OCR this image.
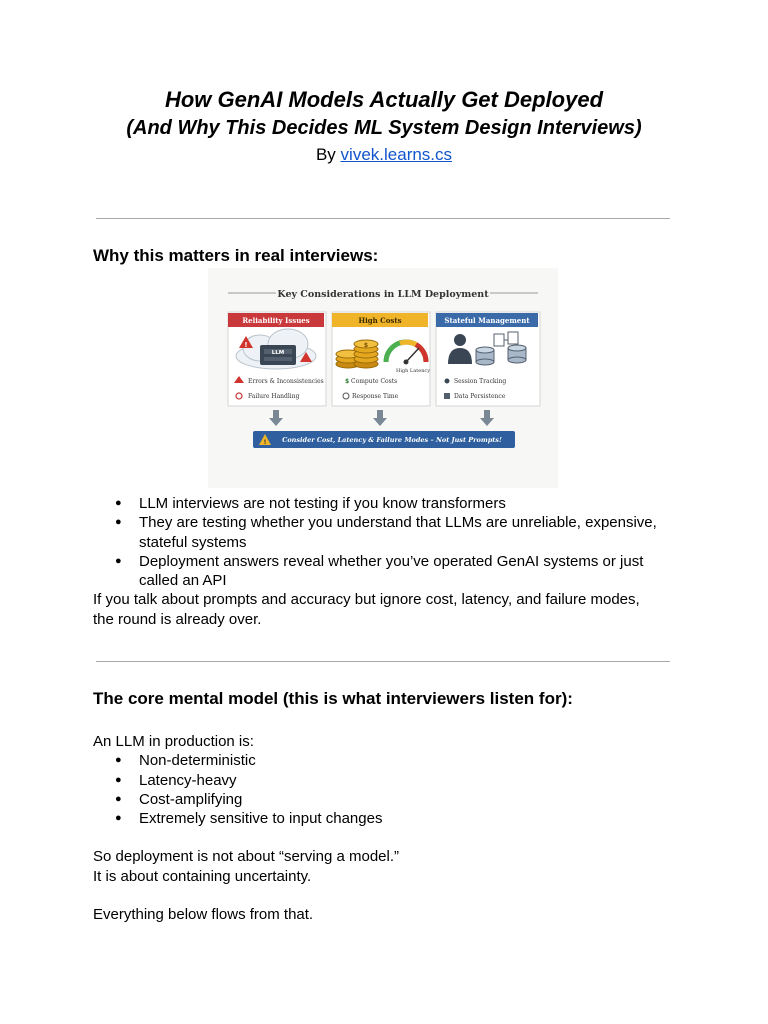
How GenAI Models Actually Get Deployed
(And Why This Decides ML System Design Interviews)
By vivek.learns.cs
Why this matters in real interviews:
Key Considerations in LLM Deployment
Reliability Issues
LLM
!
Errors & Inconsistencies
Failure Handling
High Costs
$
High Latency
$ Compute Costs
Response Time
Stateful Management
Session Tracking
Data Persistence
! Consider Cost, Latency & Failure Modes – Not Just Prompts!
● LLM interviews are not testing if you know transformers
● They are testing whether you understand that LLMs are unreliable, expensive,
stateful systems
● Deployment answers reveal whether you’ve operated GenAI systems or just
called an API

If you talk about prompts and accuracy but ignore cost, latency, and failure modes,
the round is already over.

The core mental model (this is what interviewers listen for):

An LLM in production is:

● Non-deterministic
● Latency-heavy
● Cost-amplifying
● Extremely sensitive to input changes

So deployment is not about “serving a model.”

It is about containing uncertainty.

Everything below flows from that.
